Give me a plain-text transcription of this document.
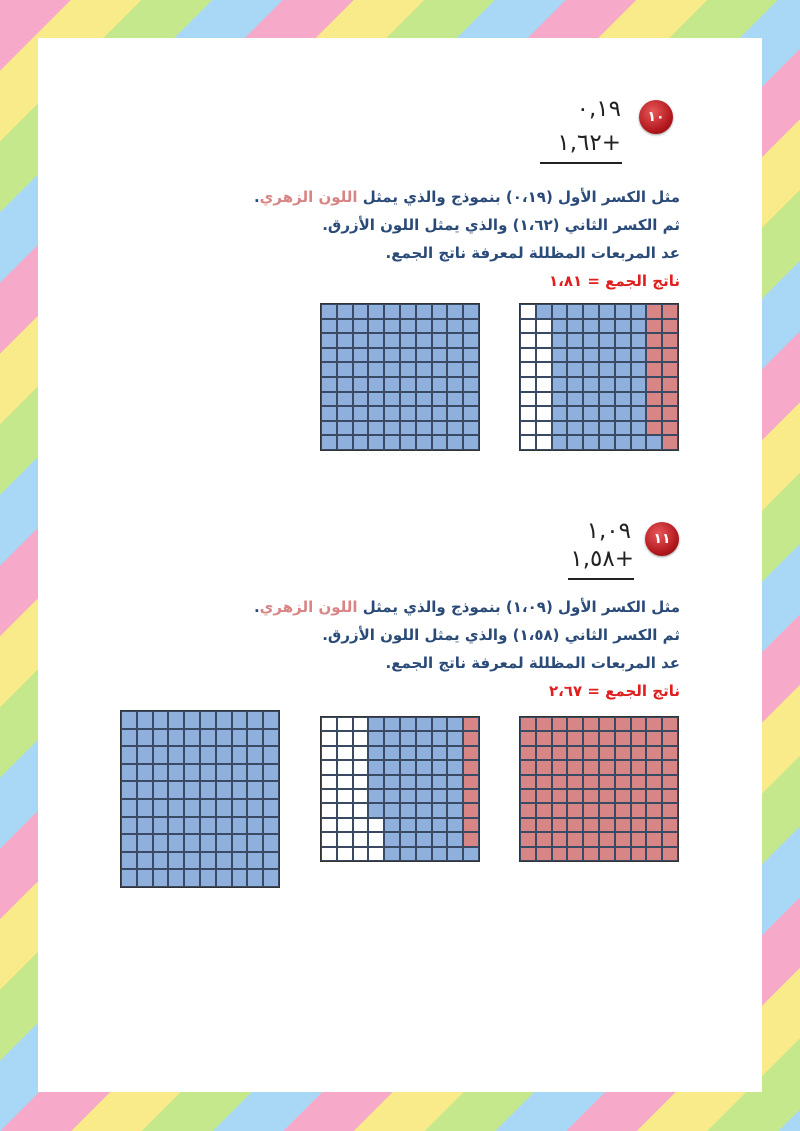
١٠
٠,١٩
١,٦٢+
مثل الكسر الأول (٠،١٩) بنموذج والذي يمثل اللون الزهري.
ثم الكسر الثاني (١،٦٢) والذي يمثل اللون الأزرق.
عد المربعات المظللة لمعرفة ناتج الجمع.
ناتج الجمع = ١،٨١
١١
١,٠٩
١,٥٨+
مثل الكسر الأول (١،٠٩) بنموذج والذي يمثل اللون الزهري.
ثم الكسر الثاني (١،٥٨) والذي يمثل اللون الأزرق.
عد المربعات المظللة لمعرفة ناتج الجمع.
ناتج الجمع = ٢،٦٧
